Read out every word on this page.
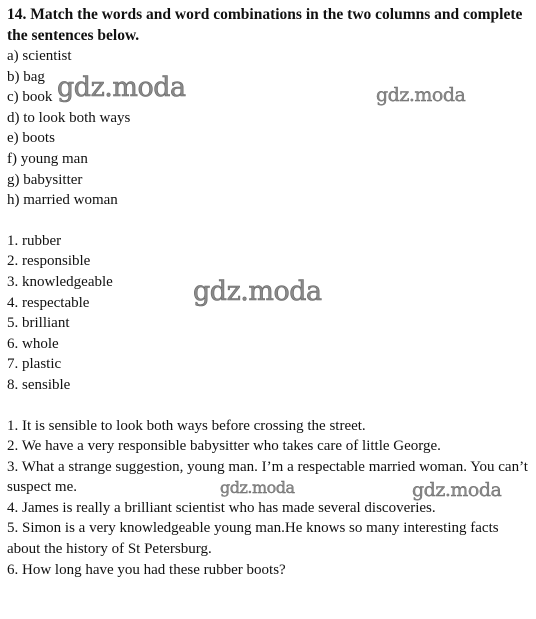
14. Match the words and word combinations in the two columns and complete the sentences below.

a) scientist
b) bag
c) book
d) to look both ways
e) boots
f) young man
g) babysitter
h) married woman
1. rubber
2. responsible
3. knowledgeable
4. respectable
5. brilliant
6. whole
7. plastic
8. sensible
1. It is sensible to look both ways before crossing the street.
2. We have a very responsible babysitter who takes care of little George.
3. What a strange suggestion, young man. I’m a respectable married woman. You can’t suspect me.
4. James is really a brilliant scientist who has made several discoveries.
5. Simon is a very knowledgeable young man.He knows so many interesting facts about the history of St Petersburg.
6. How long have you had these rubber boots?
gdz.moda	gdz.moda
gdz.moda
gdz.moda	gdz.moda
